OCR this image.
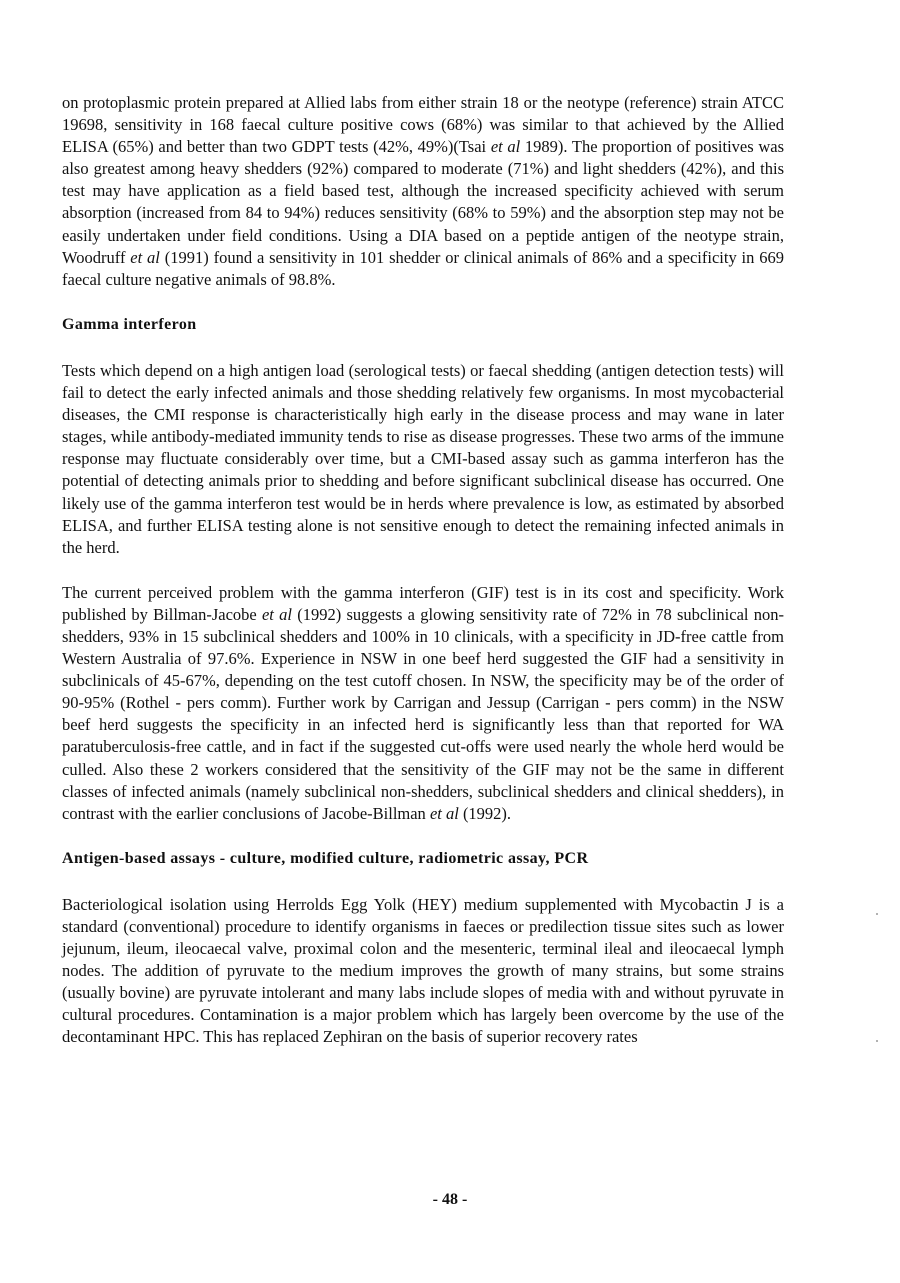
on protoplasmic protein prepared at Allied labs from either strain 18 or the neotype (reference) strain ATCC 19698, sensitivity in 168 faecal culture positive cows (68%) was similar to that achieved by the Allied ELISA (65%) and better than two GDPT tests (42%, 49%)(Tsai et al 1989). The proportion of positives was also greatest among heavy shedders (92%) compared to moderate (71%) and light shedders (42%), and this test may have application as a field based test, although the increased specificity achieved with serum absorption (increased from 84 to 94%) reduces sensitivity (68% to 59%) and the absorption step may not be easily undertaken under field conditions. Using a DIA based on a peptide antigen of the neotype strain, Woodruff et al (1991) found a sensitivity in 101 shedder or clinical animals of 86% and a specificity in 669 faecal culture negative animals of 98.8%.

Gamma interferon

Tests which depend on a high antigen load (serological tests) or faecal shedding (antigen detection tests) will fail to detect the early infected animals and those shedding relatively few organisms. In most mycobacterial diseases, the CMI response is characteristically high early in the disease process and may wane in later stages, while antibody-mediated immunity tends to rise as disease progresses. These two arms of the immune response may fluctuate considerably over time, but a CMI-based assay such as gamma interferon has the potential of detecting animals prior to shedding and before significant subclinical disease has occurred. One likely use of the gamma interferon test would be in herds where prevalence is low, as estimated by absorbed ELISA, and further ELISA testing alone is not sensitive enough to detect the remaining infected animals in the herd.

The current perceived problem with the gamma interferon (GIF) test is in its cost and specificity. Work published by Billman-Jacobe et al (1992) suggests a glowing sensitivity rate of 72% in 78 subclinical non-shedders, 93% in 15 subclinical shedders and 100% in 10 clinicals, with a specificity in JD-free cattle from Western Australia of 97.6%. Experience in NSW in one beef herd suggested the GIF had a sensitivity in subclinicals of 45-67%, depending on the test cutoff chosen. In NSW, the specificity may be of the order of 90-95% (Rothel - pers comm). Further work by Carrigan and Jessup (Carrigan - pers comm) in the NSW beef herd suggests the specificity in an infected herd is significantly less than that reported for WA paratuberculosis-free cattle, and in fact if the suggested cut-offs were used nearly the whole herd would be culled. Also these 2 workers considered that the sensitivity of the GIF may not be the same in different classes of infected animals (namely subclinical non-shedders, subclinical shedders and clinical shedders), in contrast with the earlier conclusions of Jacobe-Billman et al (1992).

Antigen-based assays - culture, modified culture, radiometric assay, PCR

Bacteriological isolation using Herrolds Egg Yolk (HEY) medium supplemented with Mycobactin J is a standard (conventional) procedure to identify organisms in faeces or predilection tissue sites such as lower jejunum, ileum, ileocaecal valve, proximal colon and the mesenteric, terminal ileal and ileocaecal lymph nodes. The addition of pyruvate to the medium improves the growth of many strains, but some strains (usually bovine) are pyruvate intolerant and many labs include slopes of media with and without pyruvate in cultural procedures. Contamination is a major problem which has largely been overcome by the use of the decontaminant HPC. This has replaced Zephiran on the basis of superior recovery rates

- 48 -
